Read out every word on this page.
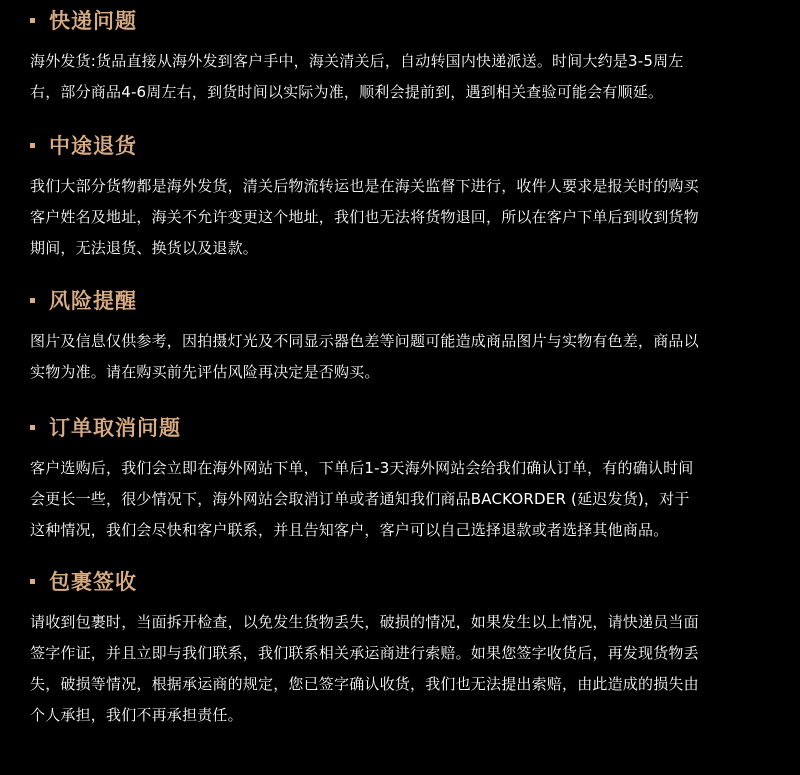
快递问题
海外发货:货品直接从海外发到客户手中，海关清关后，自动转国内快递派送。时间大约是3-5周左
右，部分商品4-6周左右，到货时间以实际为准，顺利会提前到，遇到相关查验可能会有顺延。
中途退货
我们大部分货物都是海外发货，清关后物流转运也是在海关监督下进行，收件人要求是报关时的购买
客户姓名及地址，海关不允许变更这个地址，我们也无法将货物退回，所以在客户下单后到收到货物
期间，无法退货、换货以及退款。
风险提醒
图片及信息仅供参考，因拍摄灯光及不同显示器色差等问题可能造成商品图片与实物有色差，商品以
实物为准。请在购买前先评估风险再决定是否购买。
订单取消问题
客户选购后，我们会立即在海外网站下单，下单后1-3天海外网站会给我们确认订单，有的确认时间
会更长一些，很少情况下，海外网站会取消订单或者通知我们商品BACKORDER (延迟发货)，对于
这种情况，我们会尽快和客户联系，并且告知客户，客户可以自己选择退款或者选择其他商品。
包裹签收
请收到包裹时，当面拆开检查，以免发生货物丢失，破损的情况，如果发生以上情况，请快递员当面
签字作证，并且立即与我们联系，我们联系相关承运商进行索赔。如果您签字收货后，再发现货物丢
失，破损等情况，根据承运商的规定，您已签字确认收货，我们也无法提出索赔，由此造成的损失由
个人承担，我们不再承担责任。
